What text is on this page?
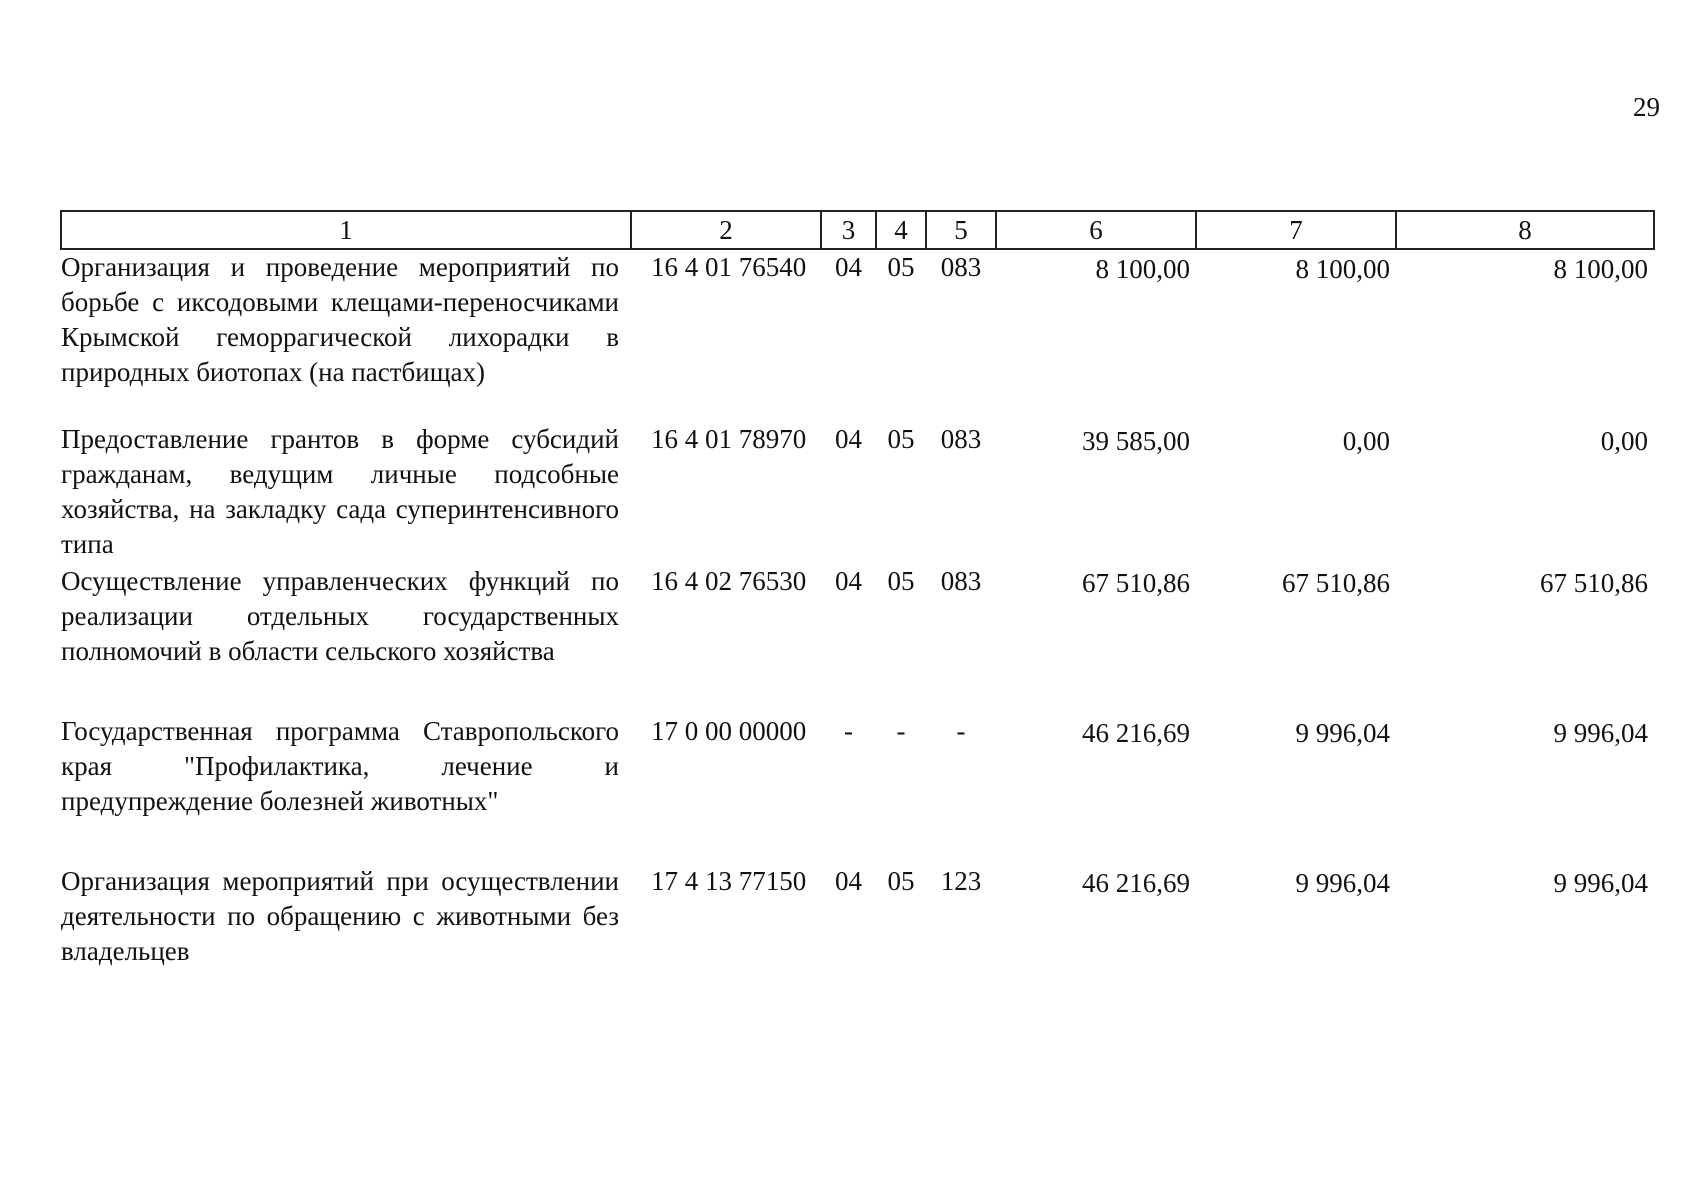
29
1	2	3	4	5	6	7	8
Организация и проведение мероприятий по борьбе с иксодовыми клещами-переносчиками Крымской геморрагической лихорадки в природных биотопах (на пастбищах)	16 4 01 76540	04	05	083	8 100,00	8 100,00	8 100,00
Предоставление грантов в форме субсидий гражданам, ведущим личные подсобные хозяйства, на закладку сада суперинтенсивного типа	16 4 01 78970	04	05	083	39 585,00	0,00	0,00
Осуществление управленческих функций по реализации отдельных государственных полномочий в области сельского хозяйства	16 4 02 76530	04	05	083	67 510,86	67 510,86	67 510,86
Государственная программа Ставропольского края "Профилактика, лечение и предупреждение болезней животных"	17 0 00 00000	-	-	-	46 216,69	9 996,04	9 996,04
Организация мероприятий при осуществлении деятельности по обращению с животными без владельцев	17 4 13 77150	04	05	123	46 216,69	9 996,04	9 996,04
